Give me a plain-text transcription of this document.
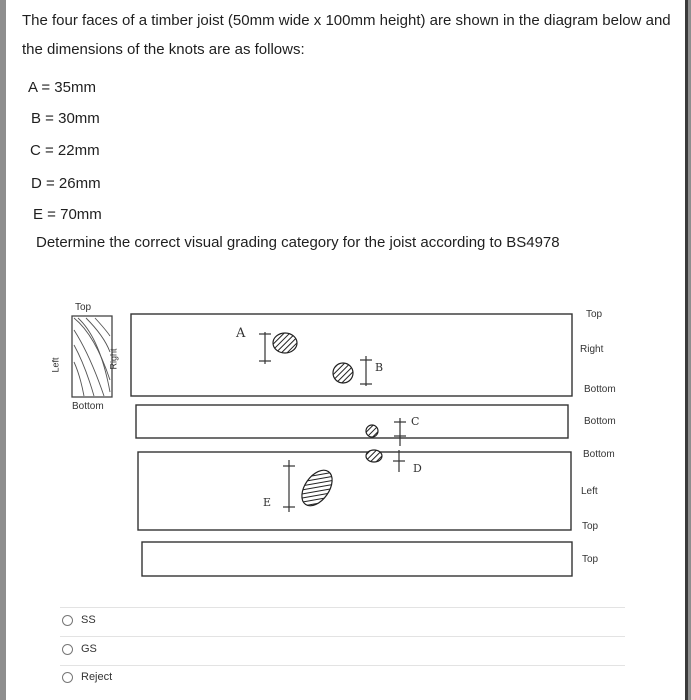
The four faces of a timber joist (50mm wide x 100mm height) are shown in the diagram below and
the dimensions of the knots are as follows:
A = 35mm
B = 30mm
C = 22mm
D = 26mm
E = 70mm
Determine the correct visual grading category for the joist according to BS4978
A
B
C
D
E
Top
Bottom
Left	Right
Top
Right
Bottom
Bottom
Bottom
Left
Top
Top
SS
GS
Reject
